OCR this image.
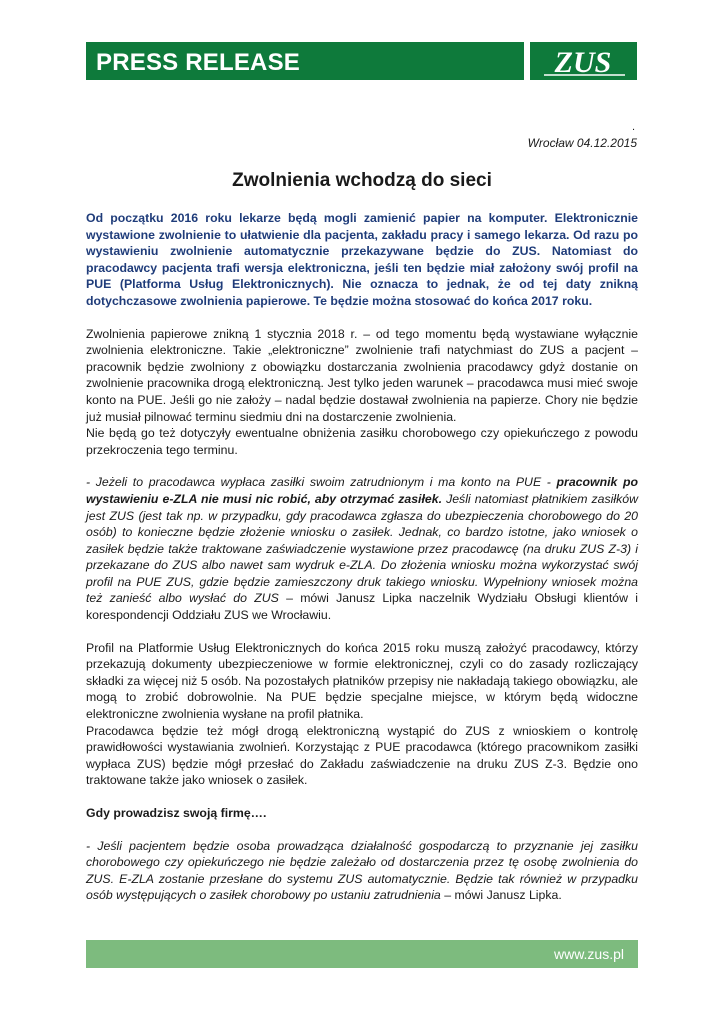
PRESS RELEASE	ZUS
.
Wrocław 04.12.2015
Zwolnienia wchodzą do sieci

Od początku 2016 roku lekarze będą mogli zamienić papier na komputer. Elektronicznie wystawione zwolnienie to ułatwienie dla pacjenta, zakładu pracy i samego lekarza. Od razu po wystawieniu zwolnienie automatycznie przekazywane będzie do ZUS. Natomiast do pracodawcy pacjenta trafi wersja elektroniczna, jeśli ten będzie miał założony swój profil na PUE (Platforma Usług Elektronicznych). Nie oznacza to jednak, że od tej daty znikną dotychczasowe zwolnienia papierowe. Te będzie można stosować do końca 2017 roku.

Zwolnienia papierowe znikną 1 stycznia 2018 r. – od tego momentu będą wystawiane wyłącznie zwolnienia elektroniczne. Takie „elektroniczne” zwolnienie trafi natychmiast do ZUS a pacjent – pracownik będzie zwolniony z obowiązku dostarczania zwolnienia pracodawcy gdyż dostanie on zwolnienie pracownika drogą elektroniczną. Jest tylko jeden warunek – pracodawca musi mieć swoje konto na PUE. Jeśli go nie założy – nadal będzie dostawał zwolnienia na papierze. Chory nie będzie już musiał pilnować terminu siedmiu dni na dostarczenie zwolnienia.

Nie będą go też dotyczyły ewentualne obniżenia zasiłku chorobowego czy opiekuńczego z powodu przekroczenia tego terminu.

- Jeżeli to pracodawca wypłaca zasiłki swoim zatrudnionym i ma konto na PUE - pracownik po wystawieniu e-ZLA nie musi nic robić, aby otrzymać zasiłek. Jeśli natomiast płatnikiem zasiłków jest ZUS (jest tak np. w przypadku, gdy pracodawca zgłasza do ubezpieczenia chorobowego do 20 osób) to konieczne będzie złożenie wniosku o zasiłek. Jednak, co bardzo istotne, jako wniosek o zasiłek będzie także traktowane zaświadczenie wystawione przez pracodawcę (na druku ZUS Z-3) i przekazane do ZUS albo nawet sam wydruk e-ZLA. Do złożenia wniosku można wykorzystać swój profil na PUE ZUS, gdzie będzie zamieszczony druk takiego wniosku. Wypełniony wniosek można też zanieść albo wysłać do ZUS – mówi Janusz Lipka naczelnik Wydziału Obsługi klientów i korespondencji Oddziału ZUS we Wrocławiu.

Profil na Platformie Usług Elektronicznych do końca 2015 roku muszą założyć pracodawcy, którzy przekazują dokumenty ubezpieczeniowe w formie elektronicznej, czyli co do zasady rozliczający składki za więcej niż 5 osób. Na pozostałych płatników przepisy nie nakładają takiego obowiązku, ale mogą to zrobić dobrowolnie. Na PUE będzie specjalne miejsce, w którym będą widoczne elektroniczne zwolnienia wysłane na profil płatnika.

Pracodawca będzie też mógł drogą elektroniczną wystąpić do ZUS z wnioskiem o kontrolę prawidłowości wystawiania zwolnień. Korzystając z PUE pracodawca (którego pracownikom zasiłki wypłaca ZUS) będzie mógł przesłać do Zakładu zaświadczenie na druku ZUS Z-3. Będzie ono traktowane także jako wniosek o zasiłek.

Gdy prowadzisz swoją firmę….

- Jeśli pacjentem będzie osoba prowadząca działalność gospodarczą to przyznanie jej zasiłku chorobowego czy opiekuńczego nie będzie zależało od dostarczenia przez tę osobę zwolnienia do ZUS. E-ZLA zostanie przesłane do systemu ZUS automatycznie. Będzie tak również w przypadku osób występujących o zasiłek chorobowy po ustaniu zatrudnienia – mówi Janusz Lipka.

www.zus.pl
